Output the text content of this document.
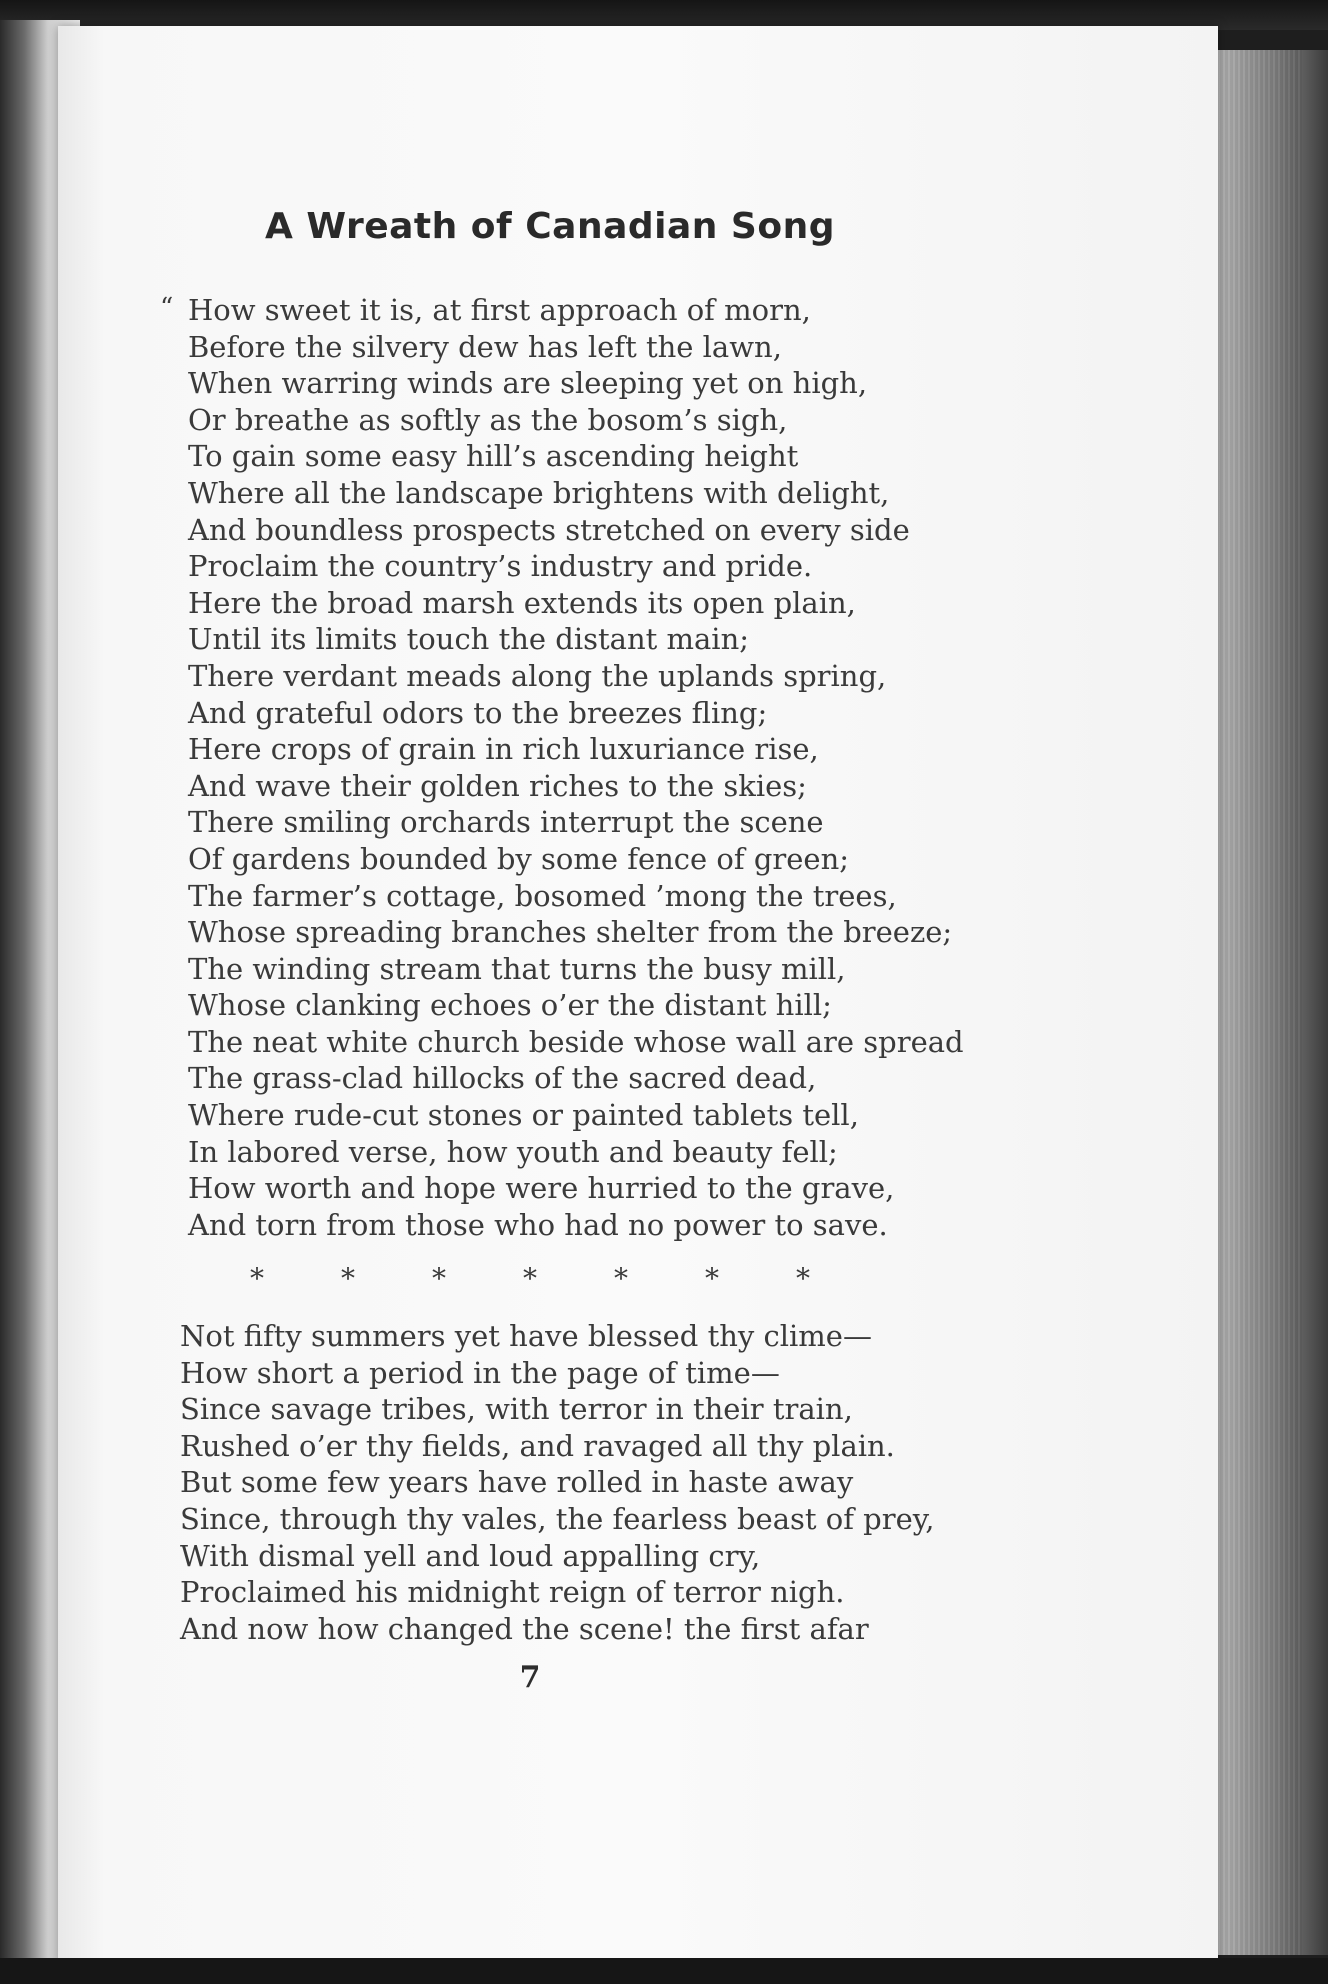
A Wreath of Canadian Song
“ How sweet it is, at first approach of morn,
Before the silvery dew has left the lawn,
When warring winds are sleeping yet on high,
Or breathe as softly as the bosom’s sigh,
To gain some easy hill’s ascending height
Where all the landscape brightens with delight,
And boundless prospects stretched on every side
Proclaim the country’s industry and pride.
Here the broad marsh extends its open plain,
Until its limits touch the distant main;
There verdant meads along the uplands spring,
And grateful odors to the breezes fling;
Here crops of grain in rich luxuriance rise,
And wave their golden riches to the skies;
There smiling orchards interrupt the scene
Of gardens bounded by some fence of green;
The farmer’s cottage, bosomed ’mong the trees,
Whose spreading branches shelter from the breeze;
The winding stream that turns the busy mill,
Whose clanking echoes o’er the distant hill;
The neat white church beside whose wall are spread
The grass-clad hillocks of the sacred dead,
Where rude-cut stones or painted tablets tell,
In labored verse, how youth and beauty fell;
How worth and hope were hurried to the grave,
And torn from those who had no power to save.
*	*	*	*	*	*	*
Not fifty summers yet have blessed thy clime—
How short a period in the page of time—
Since savage tribes, with terror in their train,
Rushed o’er thy fields, and ravaged all thy plain.
But some few years have rolled in haste away
Since, through thy vales, the fearless beast of prey,
With dismal yell and loud appalling cry,
Proclaimed his midnight reign of terror nigh.
And now how changed the scene! the first afar
7
